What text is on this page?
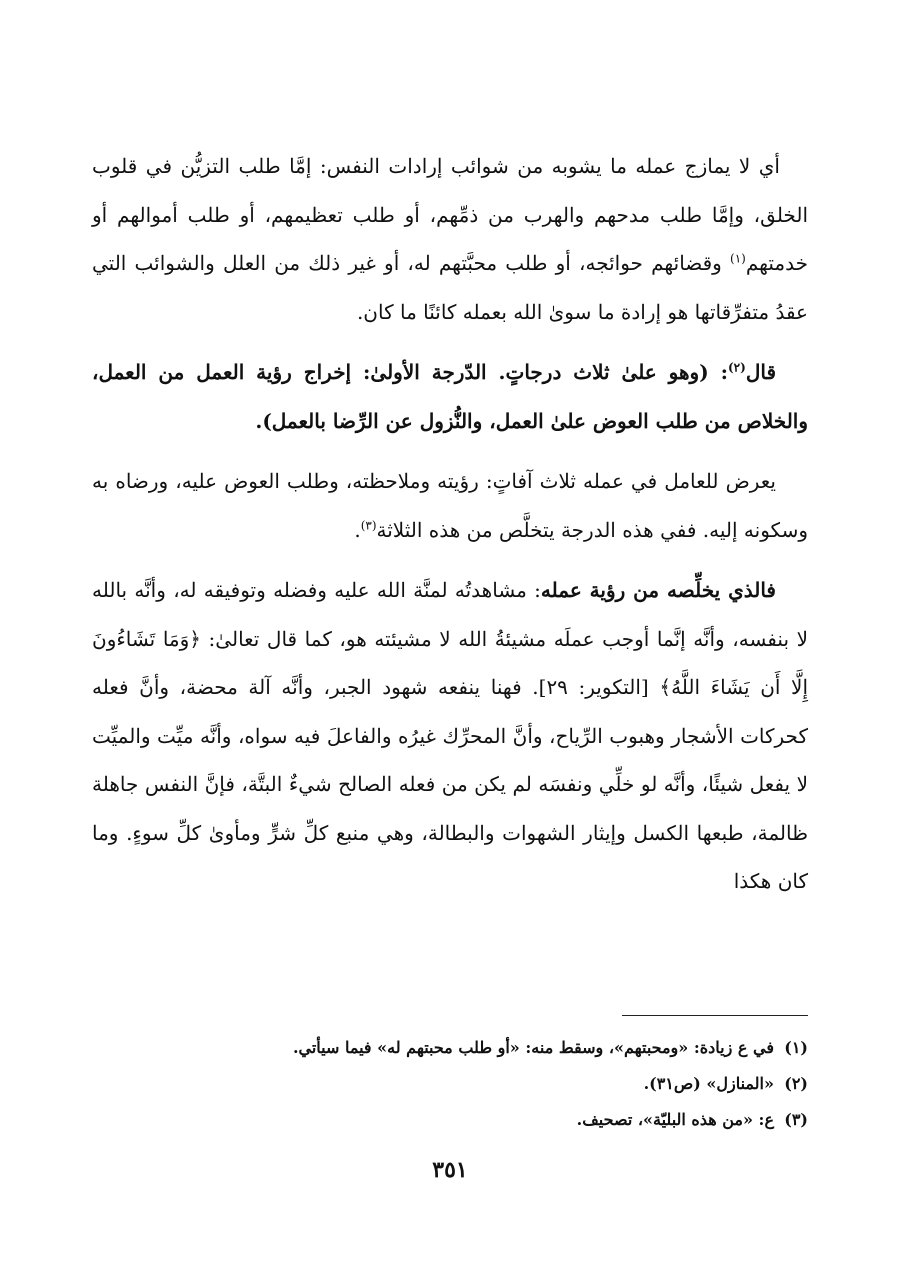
أي لا يمازج عمله ما يشوبه من شوائب إرادات النفس: إمَّا طلب التزيُّن في قلوب الخلق، وإمَّا طلب مدحهم والهرب من ذمِّهم، أو طلب تعظيمهم، أو طلب أموالهم أو خدمتهم$^{(١)}$ وقضائهم حوائجه، أو طلب محبَّتهم له، أو غير ذلك من العلل والشوائب التي عقدُ متفرِّقاتها هو إرادة ما سوىٰ الله بعمله كائنًا ما كان.

قال$^{(٢)}$: (وهو علىٰ ثلاث درجاتٍ. الدّرجة الأولىٰ: إخراج رؤية العمل من العمل، والخلاص من طلب العوض علىٰ العمل، والنُّزول عن الرِّضا بالعمل).

يعرض للعامل في عمله ثلاث آفاتٍ: رؤيته وملاحظته، وطلب العوض عليه، ورضاه به وسكونه إليه. ففي هذه الدرجة يتخلَّص من هذه الثلاثة$^{(٣)}$.

فالذي يخلِّصه من رؤية عمله: مشاهدتُه لمنَّة الله عليه وفضله وتوفيقه له، وأنَّه بالله لا بنفسه، وأنَّه إنَّما أوجب عملَه مشيئةُ الله لا مشيئته هو، كما قال تعالىٰ: ﴿وَمَا تَشَاءُونَ إِلَّا أَن يَشَاءَ اللَّهُ﴾ [التكوير: ٢٩]. فهنا ينفعه شهود الجبر، وأنَّه آلة محضة، وأنَّ فعله كحركات الأشجار وهبوب الرِّياح، وأنَّ المحرِّك غيرُه والفاعلَ فيه سواه، وأنَّه ميِّت والميِّت لا يفعل شيئًا، وأنَّه لو خلِّي ونفسَه لم يكن من فعله الصالح شيءٌ البتَّة، فإنَّ النفس جاهلة ظالمة، طبعها الكسل وإيثار الشهوات والبطالة، وهي منبع كلِّ شرٍّ ومأوىٰ كلِّ سوءٍ. وما كان هكذا

(١)في ع زيادة: «ومحبتهم»، وسقط منه: «أو طلب محبتهم له» فيما سيأتي.

(٢)«المنازل» (ص٣١).

(٣)ع: «من هذه البليّة»، تصحيف.

٣٥١
